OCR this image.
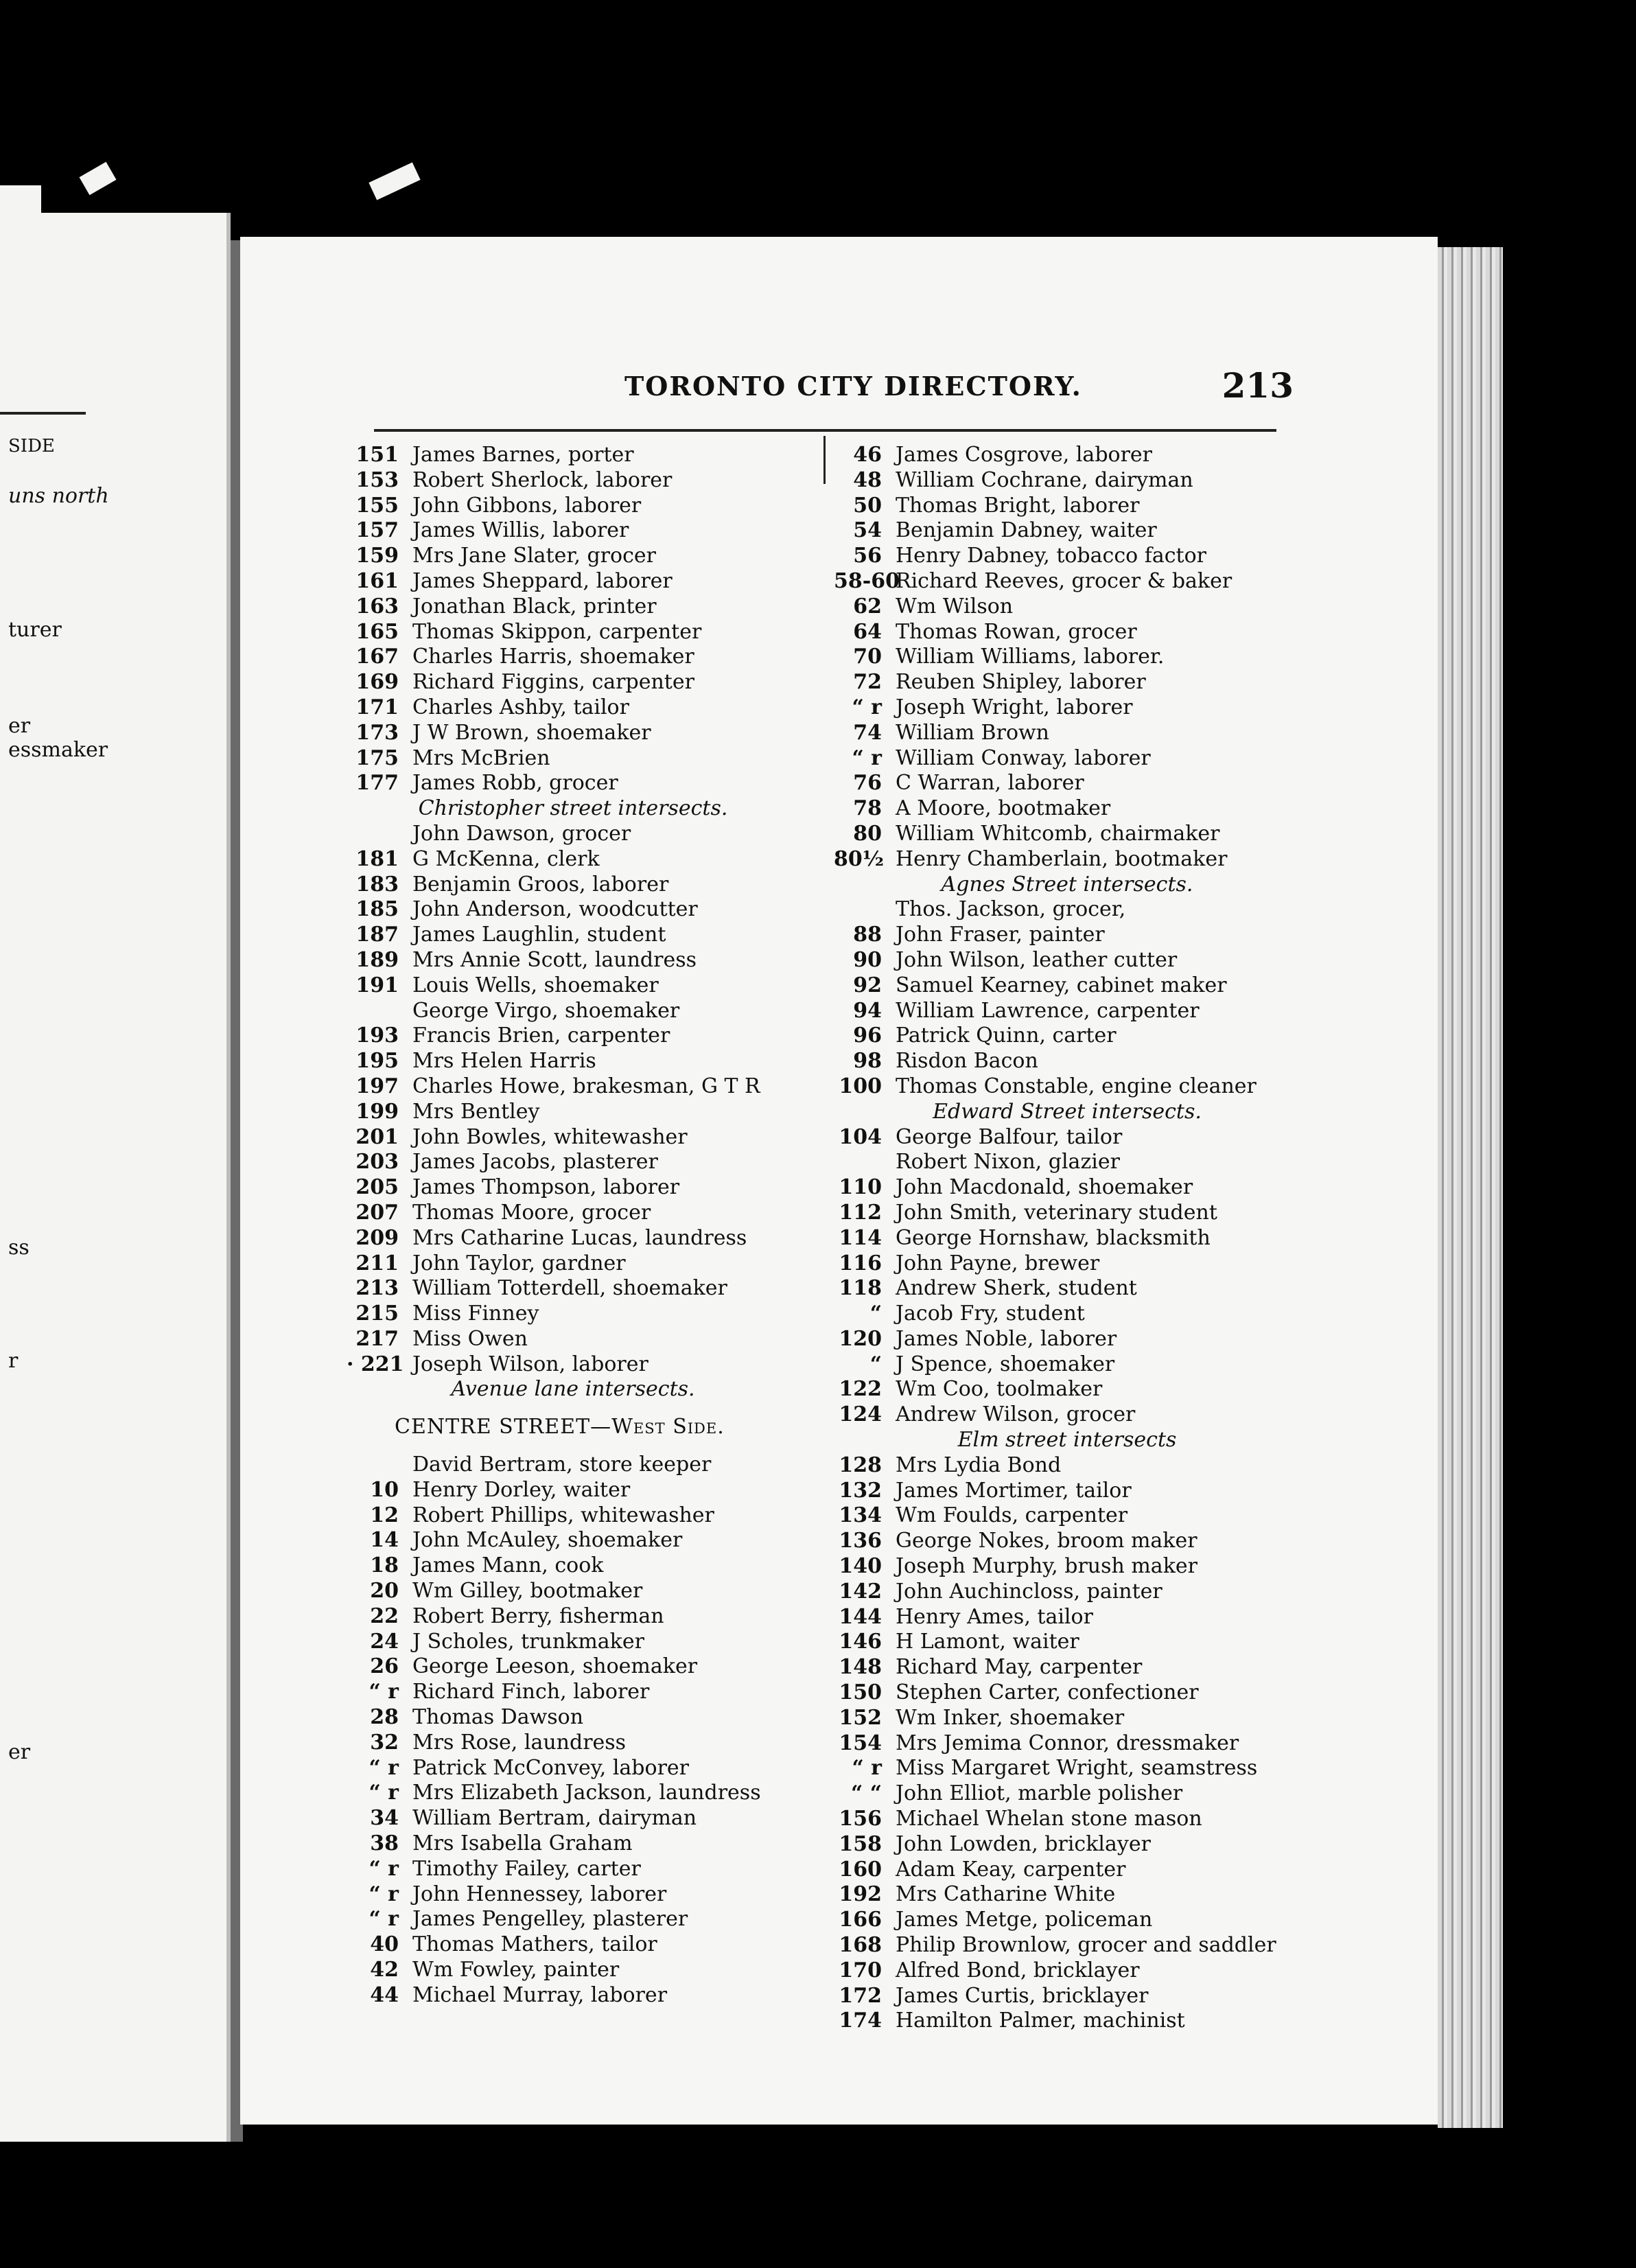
SIDE
uns north
turer
er
essmaker
ss
r
er
TORONTO CITY DIRECTORY.	213
151 James Barnes, porter
153 Robert Sherlock, laborer
155 John Gibbons, laborer
157 James Willis, laborer
159 Mrs Jane Slater, grocer
161 James Sheppard, laborer
163 Jonathan Black, printer
165 Thomas Skippon, carpenter
167 Charles Harris, shoemaker
169 Richard Figgins, carpenter
171 Charles Ashby, tailor
173 J W Brown, shoemaker
175 Mrs McBrien
177 James Robb, grocer
Christopher street intersects.
John Dawson, grocer
181 G McKenna, clerk
183 Benjamin Groos, laborer
185 John Anderson, woodcutter
187 James Laughlin, student
189 Mrs Annie Scott, laundress
191 Louis Wells, shoemaker
George Virgo, shoemaker
193 Francis Brien, carpenter
195 Mrs Helen Harris
197 Charles Howe, brakesman, G T R
199 Mrs Bentley
201 John Bowles, whitewasher
203 James Jacobs, plasterer
205 James Thompson, laborer
207 Thomas Moore, grocer
209 Mrs Catharine Lucas, laundress
211 John Taylor, gardner
213 William Totterdell, shoemaker
215 Miss Finney
217 Miss Owen
· 221 Joseph Wilson, laborer
Avenue lane intersects.
CENTRE STREET—West Side.
David Bertram, store keeper
10 Henry Dorley, waiter
12 Robert Phillips, whitewasher
14 John McAuley, shoemaker
18 James Mann, cook
20 Wm Gilley, bootmaker
22 Robert Berry, fisherman
24 J Scholes, trunkmaker
26 George Leeson, shoemaker
“ r Richard Finch, laborer
28 Thomas Dawson
32 Mrs Rose, laundress
“ r Patrick McConvey, laborer
“ r Mrs Elizabeth Jackson, laundress
34 William Bertram, dairyman
38 Mrs Isabella Graham
“ r Timothy Failey, carter
“ r John Hennessey, laborer
“ r James Pengelley, plasterer
40 Thomas Mathers, tailor
42 Wm Fowley, painter
44 Michael Murray, laborer
46 James Cosgrove, laborer
48 William Cochrane, dairyman
50 Thomas Bright, laborer
54 Benjamin Dabney, waiter
56 Henry Dabney, tobacco factor
58-60Richard Reeves, grocer & baker
62 Wm Wilson
64 Thomas Rowan, grocer
70 William Williams, laborer.
72 Reuben Shipley, laborer
“ r Joseph Wright, laborer
74 William Brown
“ r William Conway, laborer
76 C Warran, laborer
78 A Moore, bootmaker
80 William Whitcomb, chairmaker
80½ Henry Chamberlain, bootmaker
Agnes Street intersects.
Thos. Jackson, grocer,
88 John Fraser, painter
90 John Wilson, leather cutter
92 Samuel Kearney, cabinet maker
94 William Lawrence, carpenter
96 Patrick Quinn, carter
98 Risdon Bacon
100 Thomas Constable, engine cleaner
Edward Street intersects.
104 George Balfour, tailor
Robert Nixon, glazier
110 John Macdonald, shoemaker
112 John Smith, veterinary student
114 George Hornshaw, blacksmith
116 John Payne, brewer
118 Andrew Sherk, student
“ Jacob Fry, student
120 James Noble, laborer
“ J Spence, shoemaker
122 Wm Coo, toolmaker
124 Andrew Wilson, grocer
Elm street intersects
128 Mrs Lydia Bond
132 James Mortimer, tailor
134 Wm Foulds, carpenter
136 George Nokes, broom maker
140 Joseph Murphy, brush maker
142 John Auchincloss, painter
144 Henry Ames, tailor
146 H Lamont, waiter
148 Richard May, carpenter
150 Stephen Carter, confectioner
152 Wm Inker, shoemaker
154 Mrs Jemima Connor, dressmaker
“ r Miss Margaret Wright, seamstress
“ “ John Elliot, marble polisher
156 Michael Whelan stone mason
158 John Lowden, bricklayer
160 Adam Keay, carpenter
192 Mrs Catharine White
166 James Metge, policeman
168 Philip Brownlow, grocer and saddler
170 Alfred Bond, bricklayer
172 James Curtis, bricklayer
174 Hamilton Palmer, machinist
